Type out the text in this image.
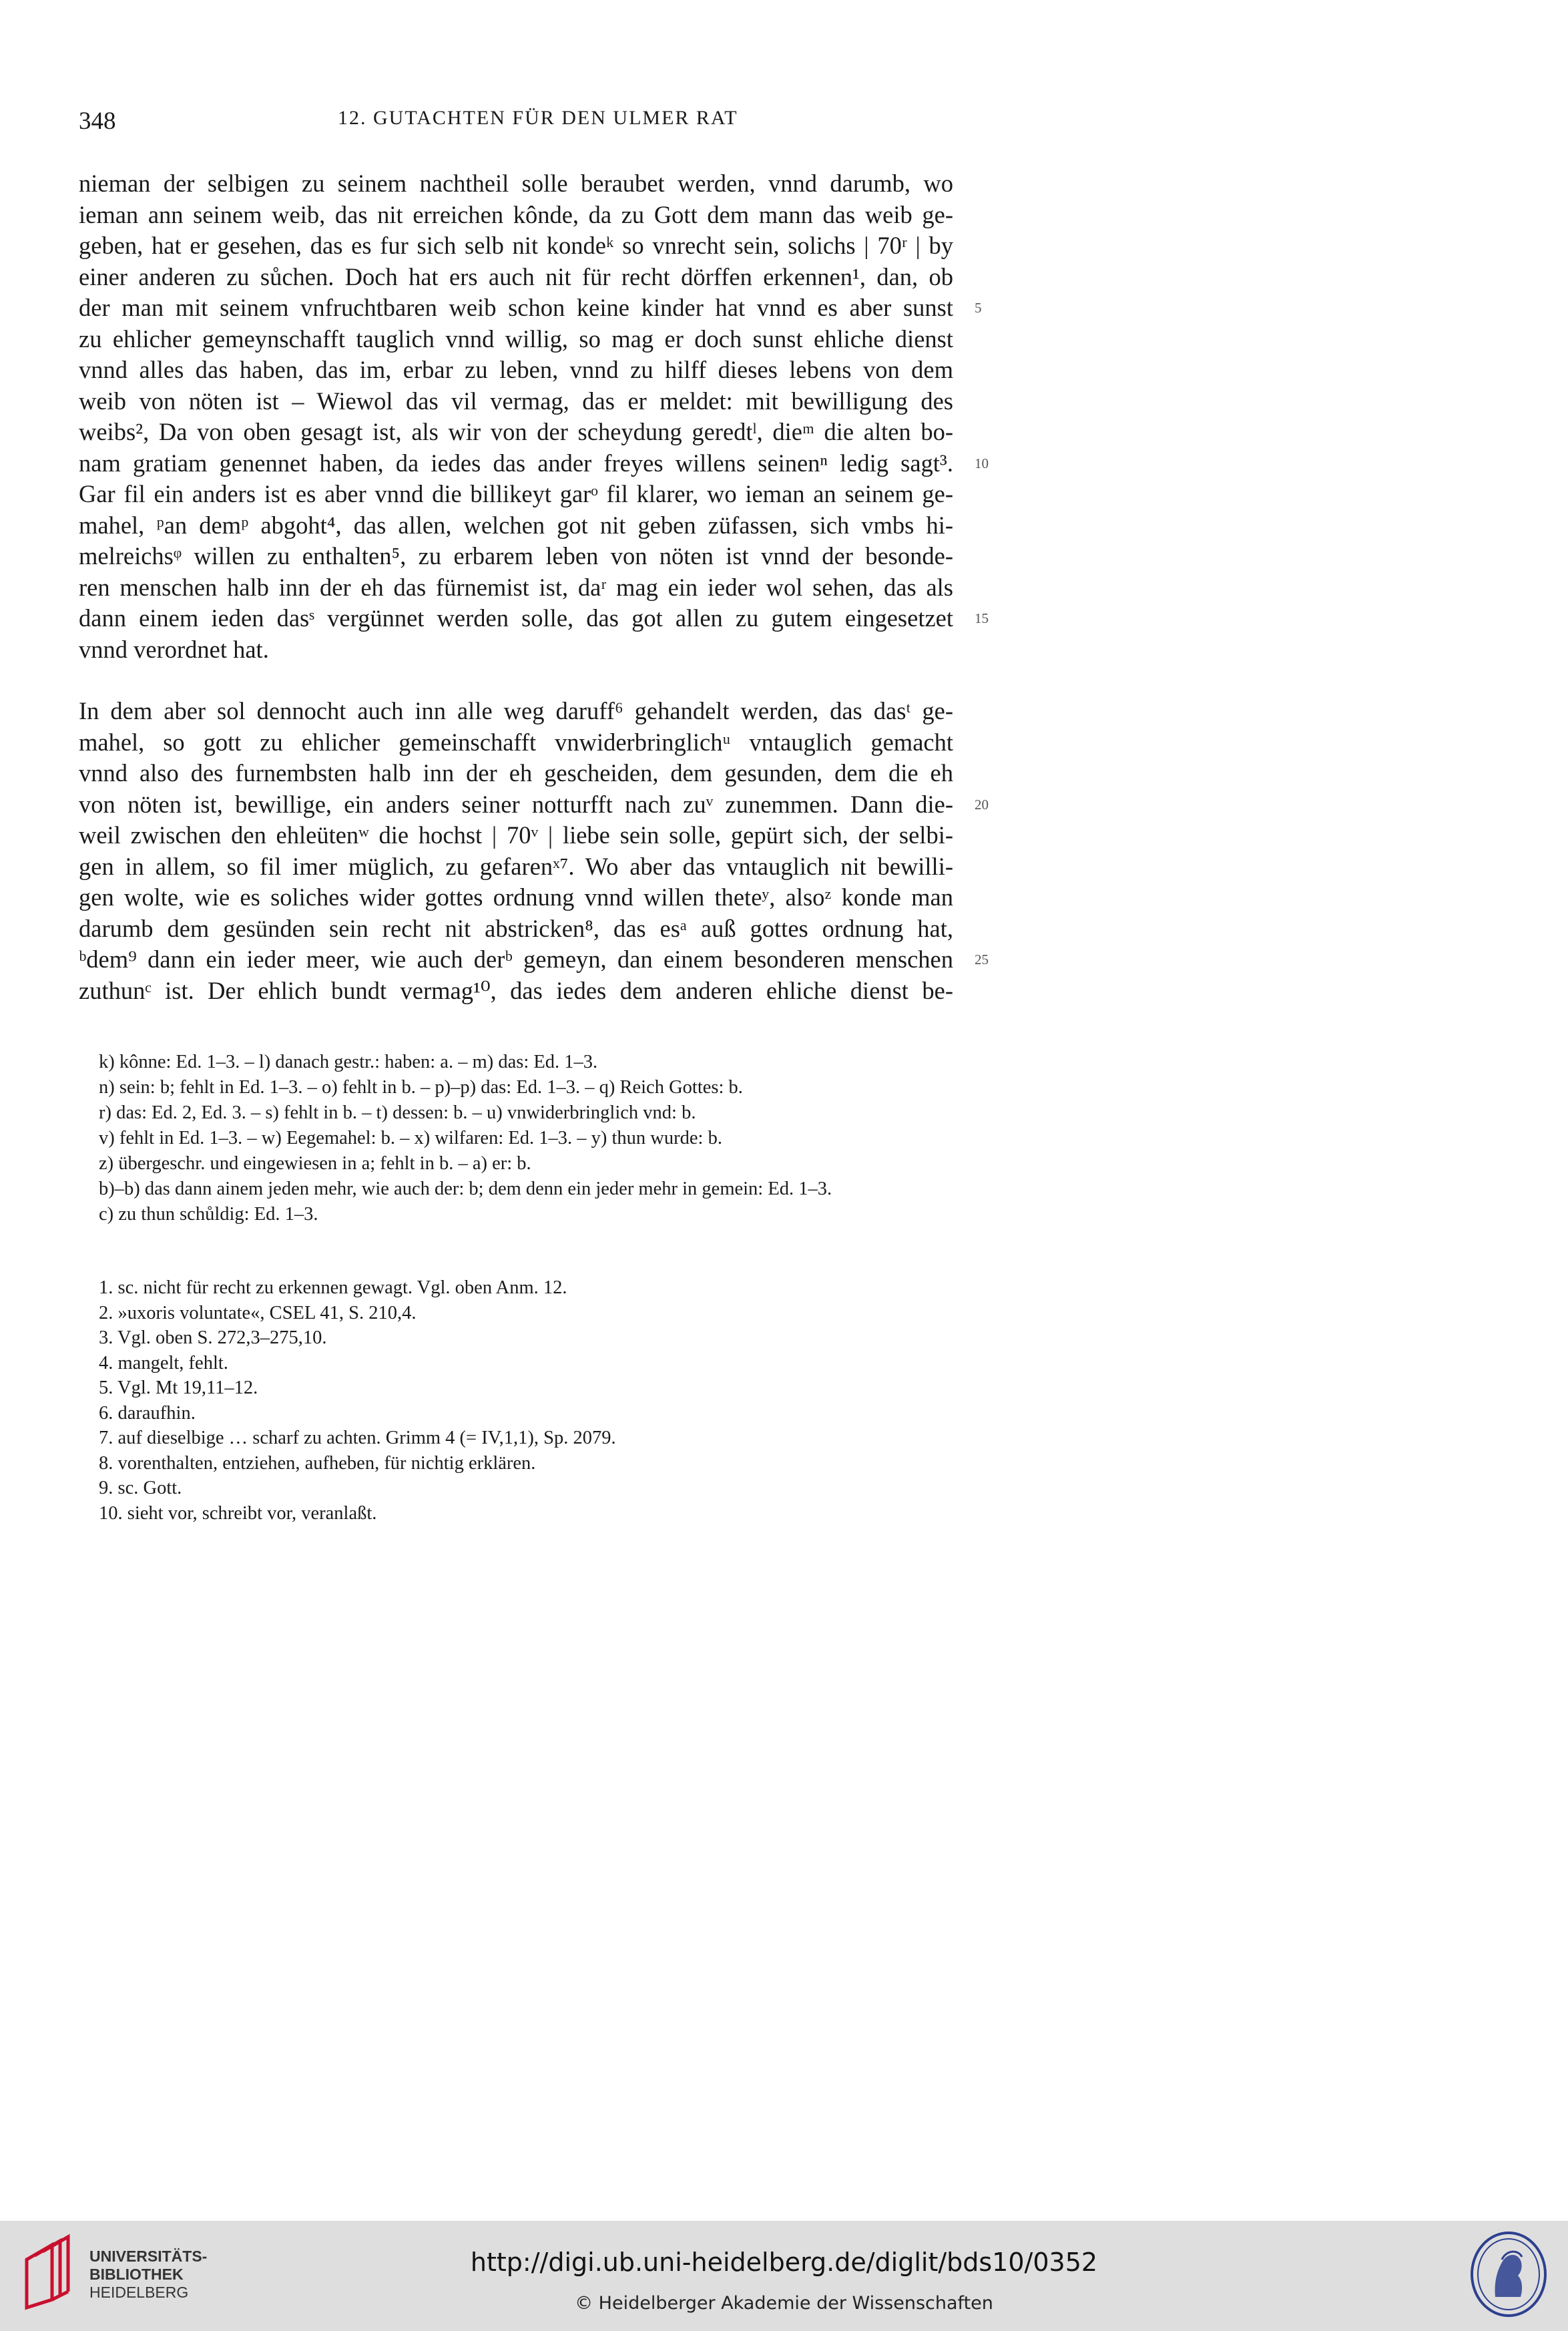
348	12. GUTACHTEN FÜR DEN ULMER RAT
nieman der selbigen zu seinem nachtheil solle beraubet werden, vnnd darumb, wo
ieman ann seinem weib, das nit erreichen kônde, da zu Gott dem mann das weib ge-
geben, hat er gesehen, das es fur sich selb nit kondeᵏ so vnrecht sein, solichs | 70ʳ | by
einer anderen zu sůchen. Doch hat ers auch nit für recht dörffen erkennen¹, dan, ob
der man mit seinem vnfruchtbaren weib schon keine kinder hat vnnd es aber sunst 5
zu ehlicher gemeynschafft tauglich vnnd willig, so mag er doch sunst ehliche dienst
vnnd alles das haben, das im, erbar zu leben, vnnd zu hilff dieses lebens von dem
weib von nöten ist – Wiewol das vil vermag, das er meldet: mit bewilligung des
weibs², Da von oben gesagt ist, als wir von der scheydung geredtˡ, dieᵐ die alten bo-
nam gratiam genennet haben, da iedes das ander freyes willens seinenⁿ ledig sagt³. 10
Gar fil ein anders ist es aber vnnd die billikeyt garᵒ fil klarer, wo ieman an seinem ge-
mahel, ᵖan demᵖ abgoht⁴, das allen, welchen got nit geben züfassen, sich vmbs hi-
melreichsᵠ willen zu enthalten⁵, zu erbarem leben von nöten ist vnnd der besonde-
ren menschen halb inn der eh das fürnemist ist, daʳ mag ein ieder wol sehen, das als
dann einem ieden dasˢ vergünnet werden solle, das got allen zu gutem eingesetzet 15
vnnd verordnet hat.
In dem aber sol dennocht auch inn alle weg daruff⁶ gehandelt werden, das dasᵗ ge-
mahel, so gott zu ehlicher gemeinschafft vnwiderbringlichᵘ vntauglich gemacht
vnnd also des furnembsten halb inn der eh gescheiden, dem gesunden, dem die eh
von nöten ist, bewillige, ein anders seiner notturfft nach zuᵛ zunemmen. Dann die- 20
weil zwischen den ehleütenʷ die hochst | 70ᵛ | liebe sein solle, gepürt sich, der selbi-
gen in allem, so fil imer müglich, zu gefarenˣ⁷. Wo aber das vntauglich nit bewilli-
gen wolte, wie es soliches wider gottes ordnung vnnd willen theteʸ, alsoᶻ konde man
darumb dem gesünden sein recht nit abstricken⁸, das esᵃ auß gottes ordnung hat,
ᵇdem⁹ dann ein ieder meer, wie auch derᵇ gemeyn, dan einem besonderen menschen 25
zuthunᶜ ist. Der ehlich bundt vermag¹⁰, das iedes dem anderen ehliche dienst be-
k) kônne: Ed. 1–3. – l) danach gestr.: haben: a. – m) das: Ed. 1–3.
n) sein: b; fehlt in Ed. 1–3. – o) fehlt in b. – p)–p) das: Ed. 1–3. – q) Reich Gottes: b.
r) das: Ed. 2, Ed. 3. – s) fehlt in b. – t) dessen: b. – u) vnwiderbringlich vnd: b.
v) fehlt in Ed. 1–3. – w) Eegemahel: b. – x) wilfaren: Ed. 1–3. – y) thun wurde: b.
z) übergeschr. und eingewiesen in a; fehlt in b. – a) er: b.
b)–b) das dann ainem jeden mehr, wie auch der: b; dem denn ein jeder mehr in gemein: Ed. 1–3.
c) zu thun schůldig: Ed. 1–3.
1. sc. nicht für recht zu erkennen gewagt. Vgl. oben Anm. 12.
2. »uxoris voluntate«, CSEL 41, S. 210,4.
3. Vgl. oben S. 272,3–275,10.
4. mangelt, fehlt.
5. Vgl. Mt 19,11–12.
6. daraufhin.
7. auf dieselbige … scharf zu achten. Grimm 4 (= IV,1,1), Sp. 2079.
8. vorenthalten, entziehen, aufheben, für nichtig erklären.
9. sc. Gott.
10. sieht vor, schreibt vor, veranlaßt.
UNIVERSITÄTS-
BIBLIOTHEK
HEIDELBERG
http://digi.ub.uni-heidelberg.de/diglit/bds10/0352
© Heidelberger Akademie der Wissenschaften
